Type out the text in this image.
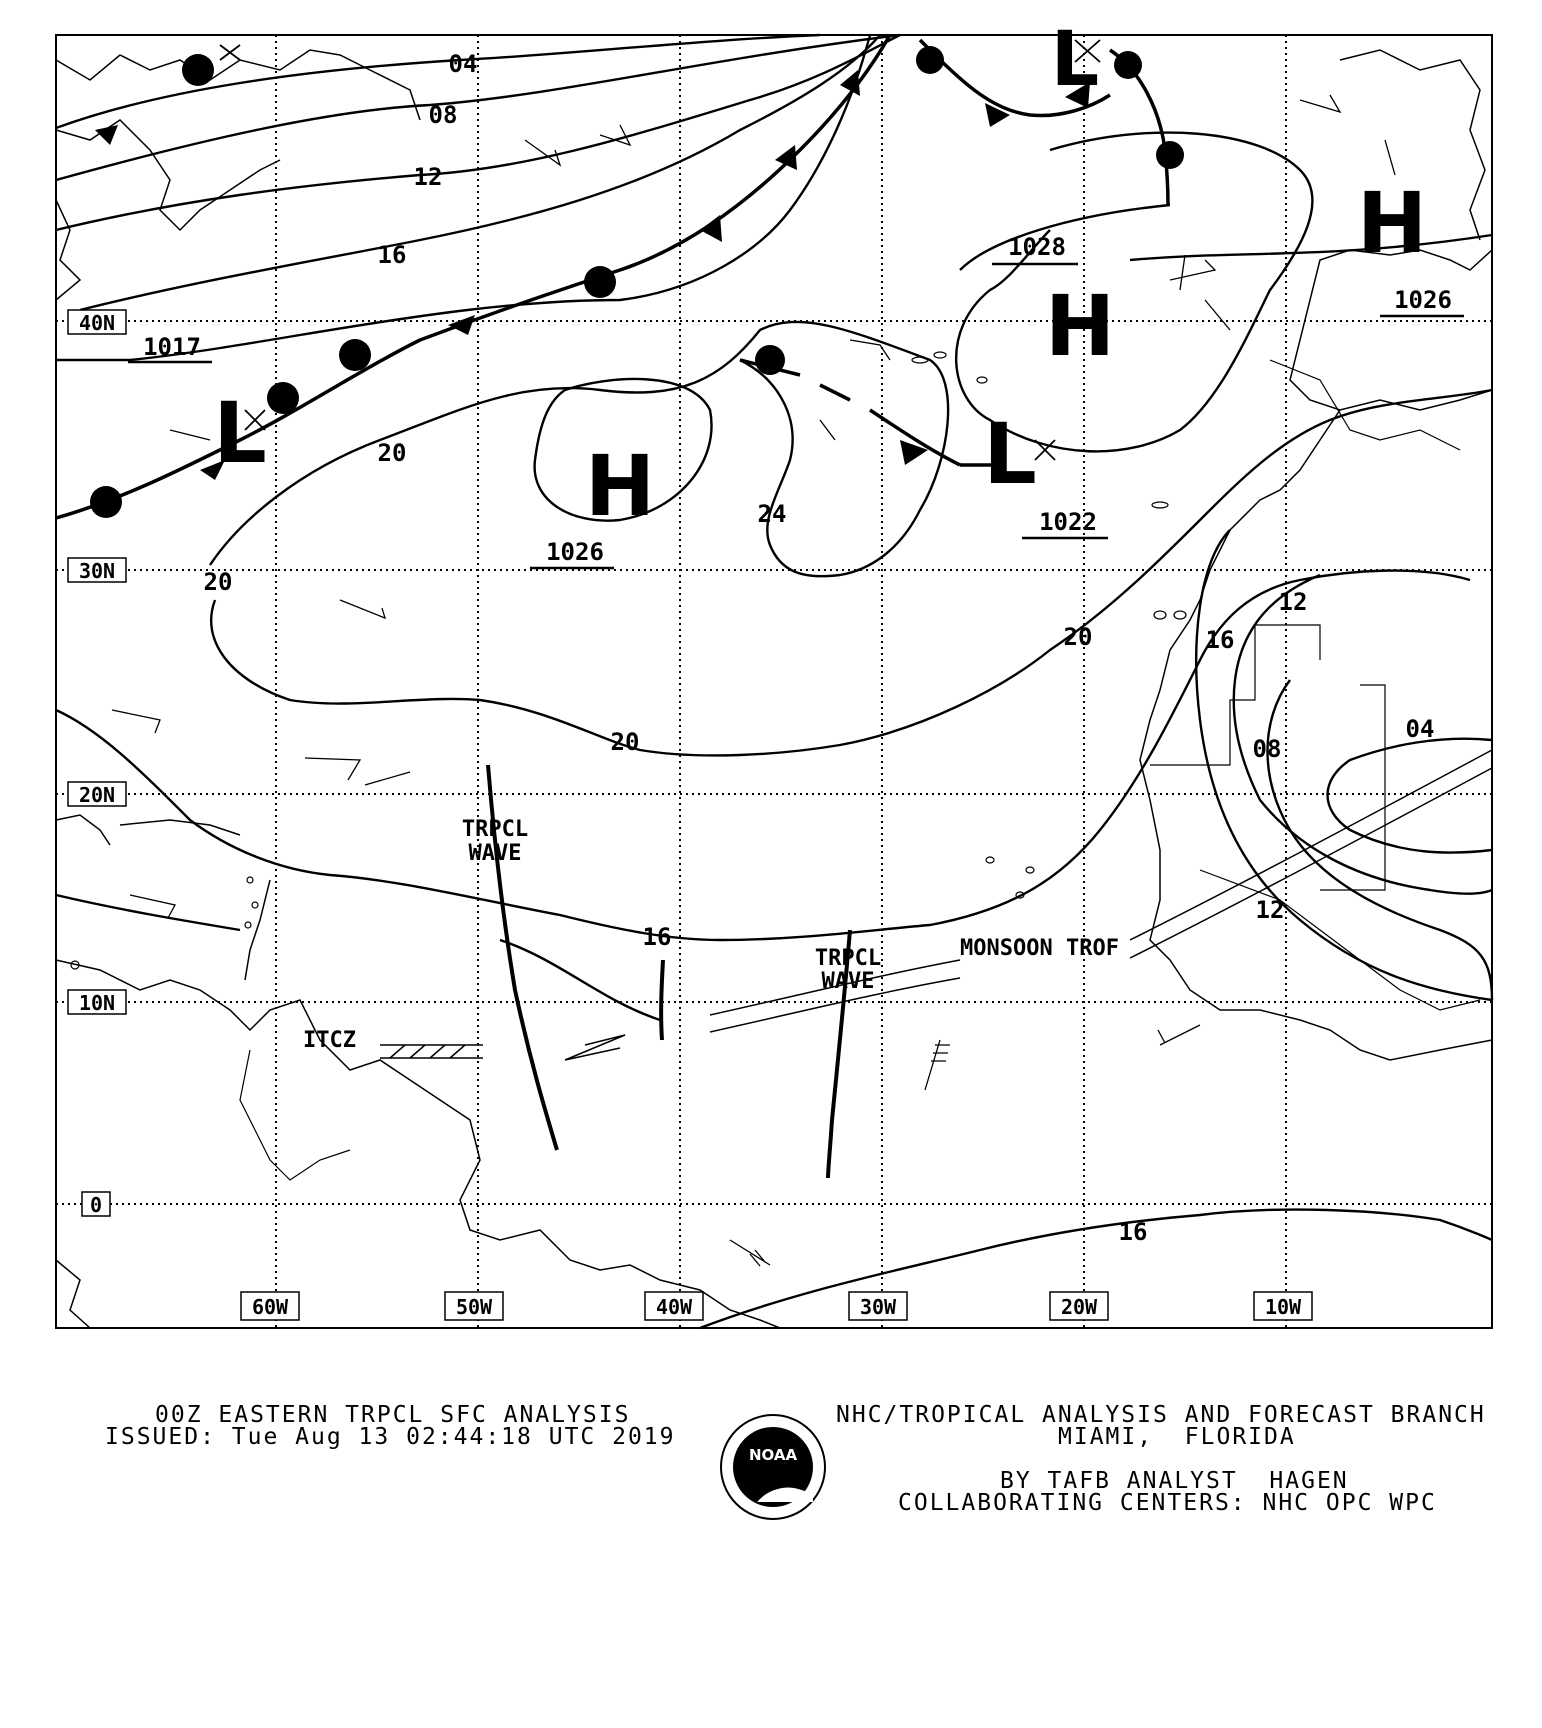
40N
30N
20N
10N
0
60W	50W	40W	30W	20W	10W
H
1026
H
1028	H
1026
L
1017
L
1022
L
04
08
12
16
20
20
20
24
20
16
12
16
08
04
12
16
TRPCL
WAVE
TRPCL
WAVE
ITCZ
MONSOON TROF
00Z EASTERN TRPCL SFC ANALYSIS
ISSUED: Tue Aug 13 02:44:18 UTC 2019
NHC/TROPICAL ANALYSIS AND FORECAST BRANCH
MIAMI,  FLORIDA
BY TAFB ANALYST  HAGEN
COLLABORATING CENTERS: NHC OPC WPC
NOAA
